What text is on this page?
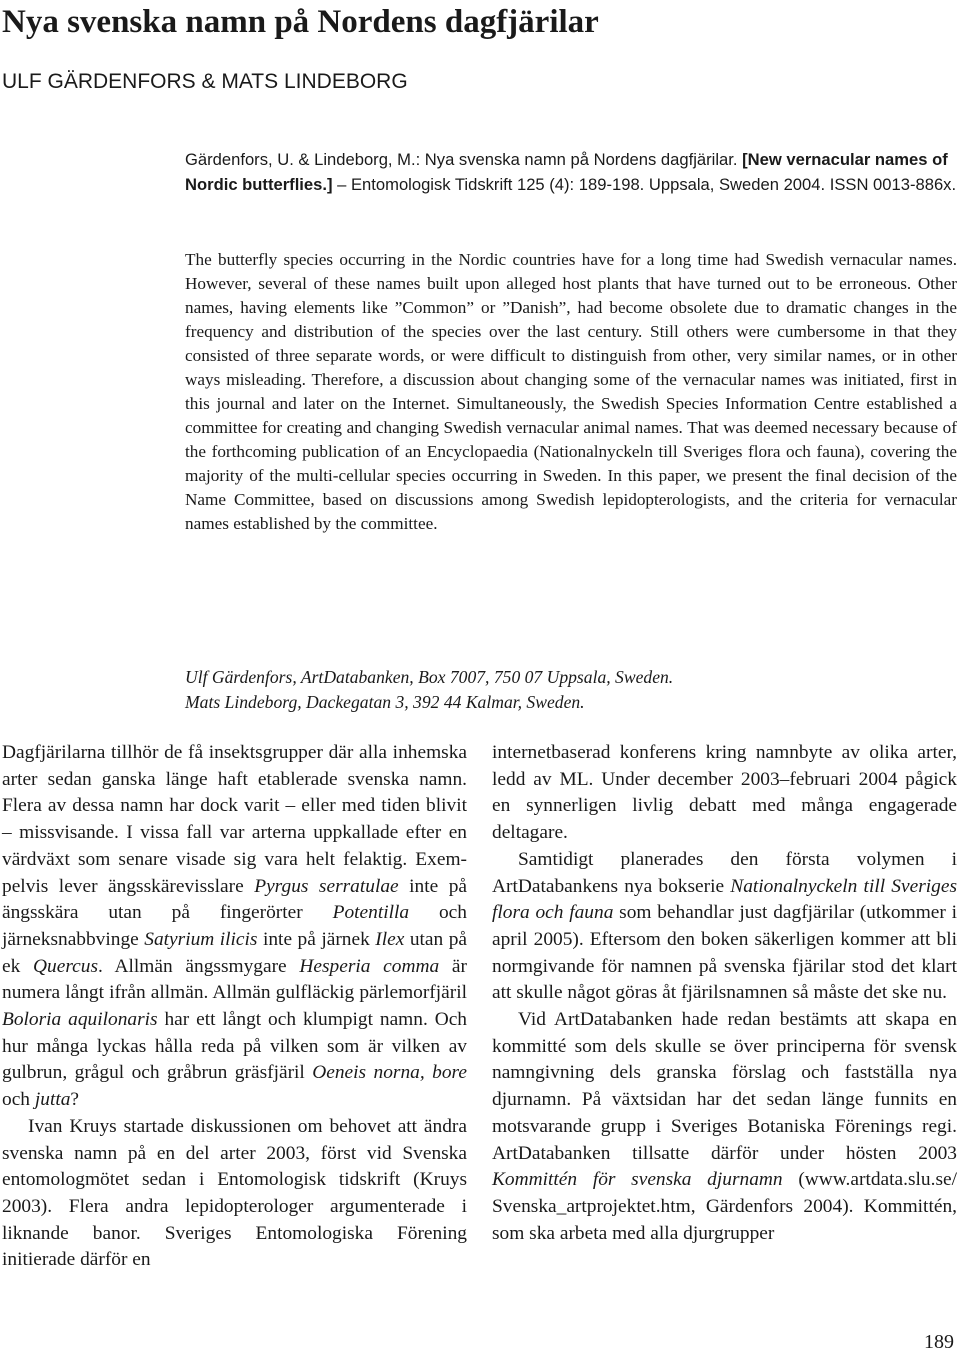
Nya svenska namn på Nordens dagfjärilar
ULF GÄRDENFORS & MATS LINDEBORG

Gärdenfors, U. & Lindeborg, M.: Nya svenska namn på Nordens dagfjärilar. [New vernacular names of Nordic butterflies.] – Entomologisk Tidskrift 125 (4): 189-198. Uppsala, Sweden 2004. ISSN 0013-886x.

The butterfly species occurring in the Nordic countries have for a long time had Swedish vernacular names. However, several of these names built upon alleged host plants that have turned out to be erroneous. Other names, having elements like ”Common” or ”Danish”, had become obsolete due to dramatic changes in the frequency and distribution of the species over the last century. Still others were cumbersome in that they consisted of three separate words, or were difficult to distinguish from other, very similar names, or in other ways misleading. Therefore, a discussion about changing some of the vernacular names was initiated, first in this journal and later on the Internet. Simultaneously, the Swedish Species Information Centre established a committee for creating and changing Swedish vernacular animal names. That was deemed necessary because of the forthcoming publication of an Encyclopaedia (Nationalnyckeln till Sveriges flora och fauna), covering the majority of the multi-cellular species occurring in Sweden. In this paper, we present the final decision of the Name Committee, based on discussions among Swedish lepidopterologists, and the criteria for vernacular names established by the committee.

Ulf Gärdenfors, ArtDatabanken, Box 7007, 750 07 Uppsala, Sweden.
Mats Lindeborg, Dackegatan 3, 392 44 Kalmar, Sweden.

Dagfjärilarna tillhör de få insektsgrupper där alla inhemska arter sedan ganska länge haft etablerade svenska namn. Flera av dessa namn har dock varit – eller med tiden blivit – missvisande. I vissa fall var arterna uppkallade efter en värdväxt som senare visade sig vara helt felaktig. Exempelvis lever ängsskärevisslare Pyrgus serratulae inte på ängsskära utan på fingerörter Potentilla och järneksnabbvinge Satyrium ilicis inte på järnek Ilex utan på ek Quercus. Allmän ängssmygare Hesperia comma är numera långt ifrån allmän. Allmän gulfläckig pärlemorfjäril Boloria aquilonaris har ett långt och klumpigt namn. Och hur många lyckas hålla reda på vilken som är vilken av gulbrun, grågul och gråbrun gräsfjäril Oeneis norna, bore och jutta?

Ivan Kruys startade diskussionen om behovet att ändra svenska namn på en del arter 2003, först vid Svenska entomologmötet sedan i Entomologisk tidskrift (Kruys 2003). Flera andra lepidopterologer argumenterade i liknande banor. Sveriges Entomologiska Förening initierade därför en

internetbaserad konferens kring namnbyte av olika arter, ledd av ML. Under december 2003–februari 2004 pågick en synnerligen livlig debatt med många engagerade deltagare.

Samtidigt planerades den första volymen i ArtDatabankens nya bokserie Nationalnyckeln till Sveriges flora och fauna som behandlar just dagfjärilar (utkommer i april 2005). Eftersom den boken säkerligen kommer att bli normgivande för namnen på svenska fjärilar stod det klart att skulle något göras åt fjärilsnamnen så måste det ske nu.

Vid ArtDatabanken hade redan bestämts att skapa en kommitté som dels skulle se över principerna för svensk namngivning dels granska förslag och fastställa nya djurnamn. På växtsidan har det sedan länge funnits en motsvarande grupp i Sveriges Botaniska Förenings regi. ArtDatabanken tillsatte därför under hösten 2003 Kommittén för svenska djurnamn (www.artdata.slu.se/ Svenska_artprojektet.htm, Gärdenfors 2004). Kommittén, som ska arbeta med alla djurgrupper

189
